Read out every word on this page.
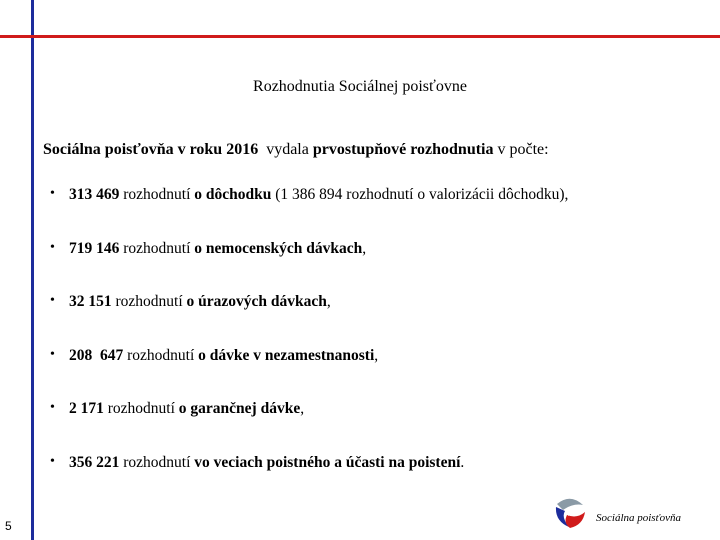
Rozhodnutia Sociálnej poisťovne
Sociálna poisťovňa v roku 2016  vydala prvostupňové rozhodnutia v počte:
• 313 469 rozhodnutí o dôchodku (1 386 894 rozhodnutí o valorizácii dôchodku),
• 719 146 rozhodnutí o nemocenských dávkach,
• 32 151 rozhodnutí o úrazových dávkach,
• 208  647 rozhodnutí o dávke v nezamestnanosti,
• 2 171 rozhodnutí o garančnej dávke,
• 356 221 rozhodnutí vo veciach poistného a účasti na poistení.
5
Sociálna poisťovňa
